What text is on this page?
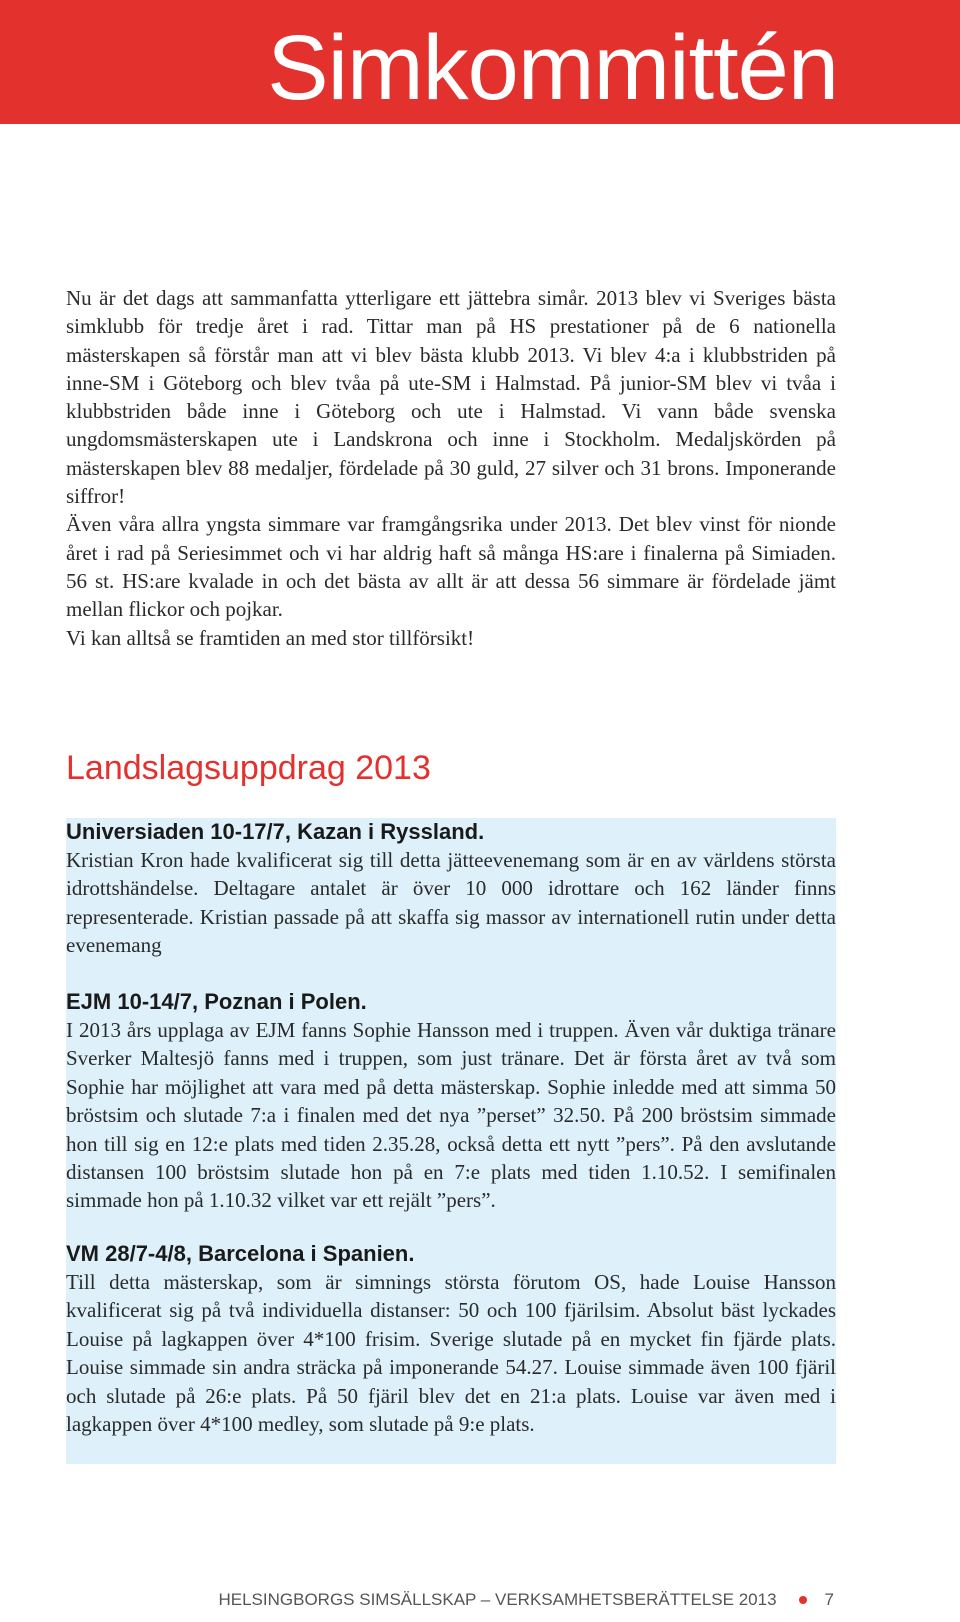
Simkommittén

Nu är det dags att sammanfatta ytterligare ett jättebra simår. 2013 blev vi Sveriges bästa simklubb för tredje året i rad. Tittar man på HS prestationer på de 6 nationella mästerskapen så förstår man att vi blev bästa klubb 2013. Vi blev 4:a i klubbstriden på inne-SM i Göteborg och blev tvåa på ute-SM i Halmstad. På junior-SM blev vi tvåa i klubbstriden både inne i Göteborg och ute i Halmstad. Vi vann både svenska ungdomsmästerskapen ute i Landskrona och inne i Stockholm. Medaljskörden på mästerskapen blev 88 medaljer, fördelade på 30 guld, 27 silver och 31 brons. Imponerande siffror!

Även våra allra yngsta simmare var framgångsrika under 2013. Det blev vinst för nionde året i rad på Seriesimmet och vi har aldrig haft så många HS:are i finalerna på Simiaden. 56 st. HS:are kvalade in och det bästa av allt är att dessa 56 simmare är fördelade jämt mellan flickor och pojkar.

Vi kan alltså se framtiden an med stor tillförsikt!

Landslagsuppdrag 2013
Universiaden 10-17/7, Kazan i Ryssland.

Kristian Kron hade kvalificerat sig till detta jätteevenemang som är en av världens största idrottshändelse. Deltagare antalet är över 10 000 idrottare och 162 länder finns representerade. Kristian passade på att skaffa sig massor av internationell rutin under detta evenemang

EJM 10-14/7, Poznan i Polen.

I 2013 års upplaga av EJM fanns Sophie Hansson med i truppen. Även vår duktiga tränare Sverker Maltesjö fanns med i truppen, som just tränare. Det är första året av två som Sophie har möjlighet att vara med på detta mästerskap. Sophie inledde med att simma 50 bröstsim och slutade 7:a i finalen med det nya ”perset” 32.50. På 200 bröstsim simmade hon till sig en 12:e plats med tiden 2.35.28, också detta ett nytt ”pers”. På den avslutande distansen 100 bröstsim slutade hon på en 7:e plats med tiden 1.10.52. I semifinalen simmade hon på 1.10.32 vilket var ett rejält ”pers”.

VM 28/7-4/8, Barcelona i Spanien.

Till detta mästerskap, som är simnings största förutom OS, hade Louise Hansson kvalificerat sig på två individuella distanser: 50 och 100 fjärilsim. Absolut bäst lyckades Louise på lagkappen över 4*100 frisim. Sverige slutade på en mycket fin fjärde plats. Louise simmade sin andra sträcka på imponerande 54.27. Louise simmade även 100 fjäril och slutade på 26:e plats. På 50 fjäril blev det en 21:a plats. Louise var även med i lagkappen över 4*100 medley, som slutade på 9:e plats.

HELSINGBORGS SIMSÄLLSKAP – VERKSAMHETSBERÄTTELSE 2013	7
